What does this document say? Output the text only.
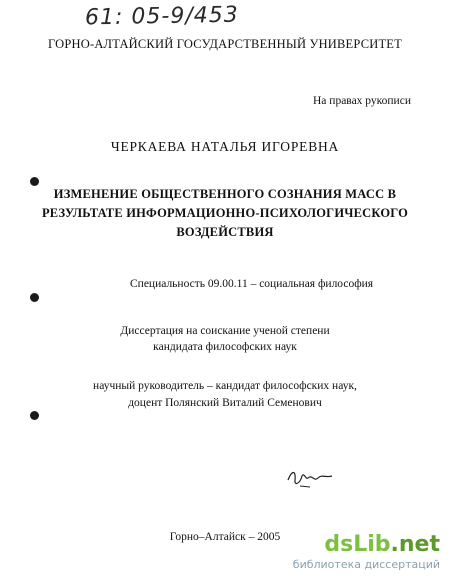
61: 05-9/453
ГОРНО-АЛТАЙСКИЙ ГОСУДАРСТВЕННЫЙ УНИВЕРСИТЕТ
На правах рукописи
ЧЕРКАЕВА НАТАЛЬЯ ИГОРЕВНА
ИЗМЕНЕНИЕ ОБЩЕСТВЕННОГО СОЗНАНИЯ МАСС В
РЕЗУЛЬТАТЕ ИНФОРМАЦИОННО-ПСИХОЛОГИЧЕСКОГО
ВОЗДЕЙСТВИЯ
Специальность 09.00.11 – социальная философия
Диссертация на соискание ученой степени
кандидата философских наук
научный руководитель – кандидат философских наук,
доцент Полянский Виталий Семенович
Горно–Алтайск – 2005	dsLib.net
библиотека диссертаций
